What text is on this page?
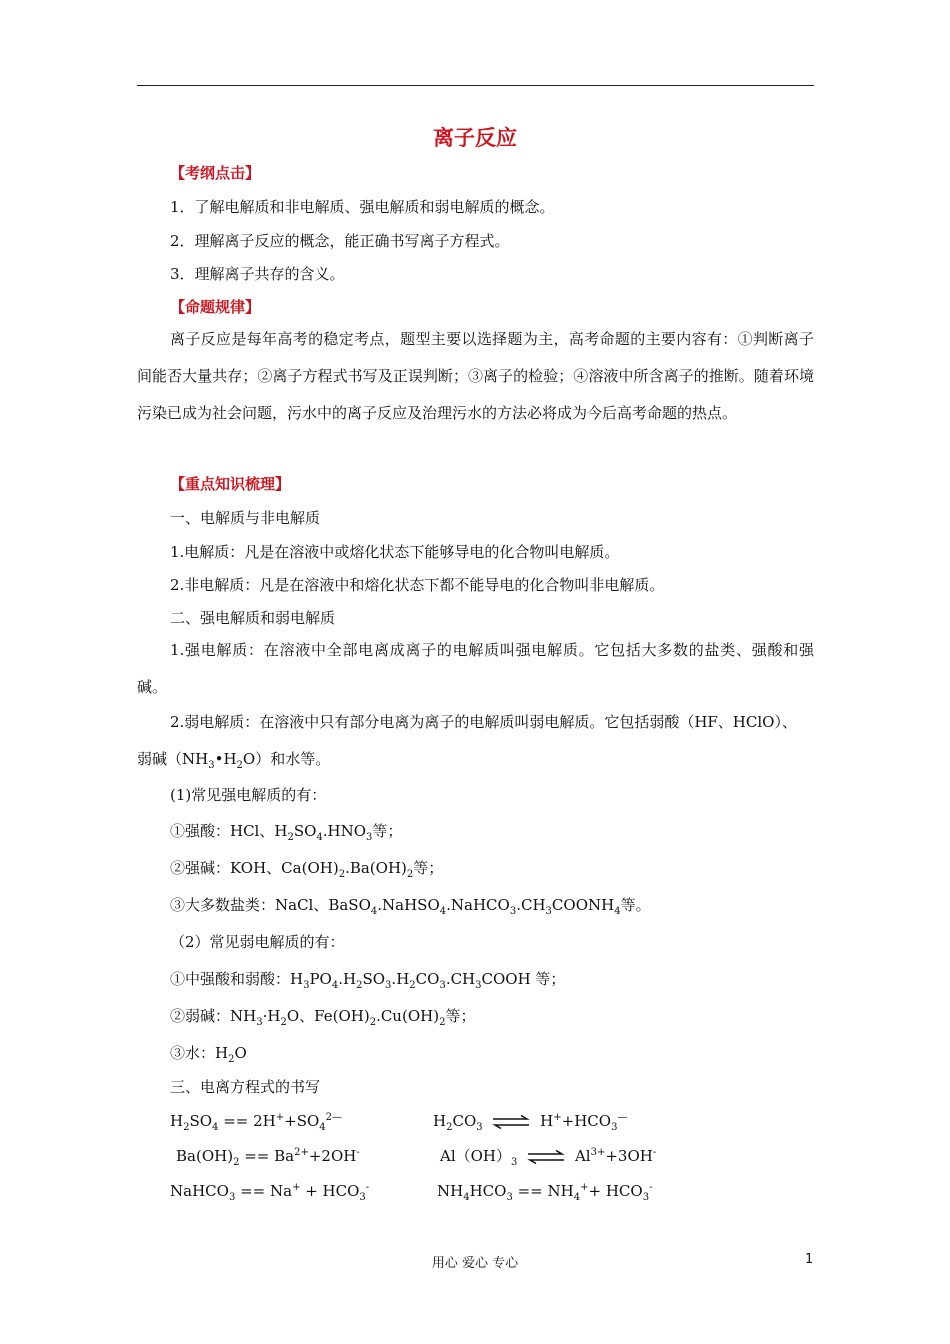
离子反应
【考纲点击】
1．了解电解质和非电解质、强电解质和弱电解质的概念。
2．理解离子反应的概念，能正确书写离子方程式。
3．理解离子共存的含义。
【命题规律】
离子反应是每年高考的稳定考点，题型主要以选择题为主，高考命题的主要内容有：①判断离子间能否大量共存；②离子方程式书写及正误判断；③离子的检验；④溶液中所含离子的推断。随着环境污染已成为社会问题，污水中的离子反应及治理污水的方法必将成为今后高考命题的热点。
【重点知识梳理】
一、电解质与非电解质
1.电解质：凡是在溶液中或熔化状态下能够导电的化合物叫电解质。
2.非电解质：凡是在溶液中和熔化状态下都不能导电的化合物叫非电解质。
二、强电解质和弱电解质
1.强电解质：在溶液中全部电离成离子的电解质叫强电解质。它包括大多数的盐类、强酸和强碱。
2.弱电解质：在溶液中只有部分电离为离子的电解质叫弱电解质。它包括弱酸（HF、HClO）、
弱碱$(NH_3•H_2O)$和水等。
(1)常见强电解质的有：
①强酸：HCl、$H_2SO_4.HNO_3$等；
②强碱：KOH、$Ca(OH)_2.Ba(OH)_2$等；
③大多数盐类：NaCl、$BaSO_4.NaHSO_4.NaHCO_3.CH_3COONH_4$等。
（2）常见弱电解质的有：
①中强酸和弱酸：$H_3PO_4.H_2SO_3.H_2CO_3.CH_3COOH$ 等；
②弱碱：$NH_3\cdot H_2O$、$Fe(OH)_2.Cu(OH)_2$等；
③水：$H_2O$
三、电离方程式的书写
$H_2SO_4 == 2H^++SO_4^{2—}$	$H_2CO_3$ ⇌ $H^++HCO_3^—$
$Ba(OH)_2 == Ba^{2+}+2OH^-$	$Al(OH)_3$ ⇌ $Al^{3+}+3OH^-$
NaHCO$_3$ == $Na^+ + HCO_3^-$	$NH_4HCO_3 == NH_4^++ HCO_3^-$
用心 爱心 专心	1
